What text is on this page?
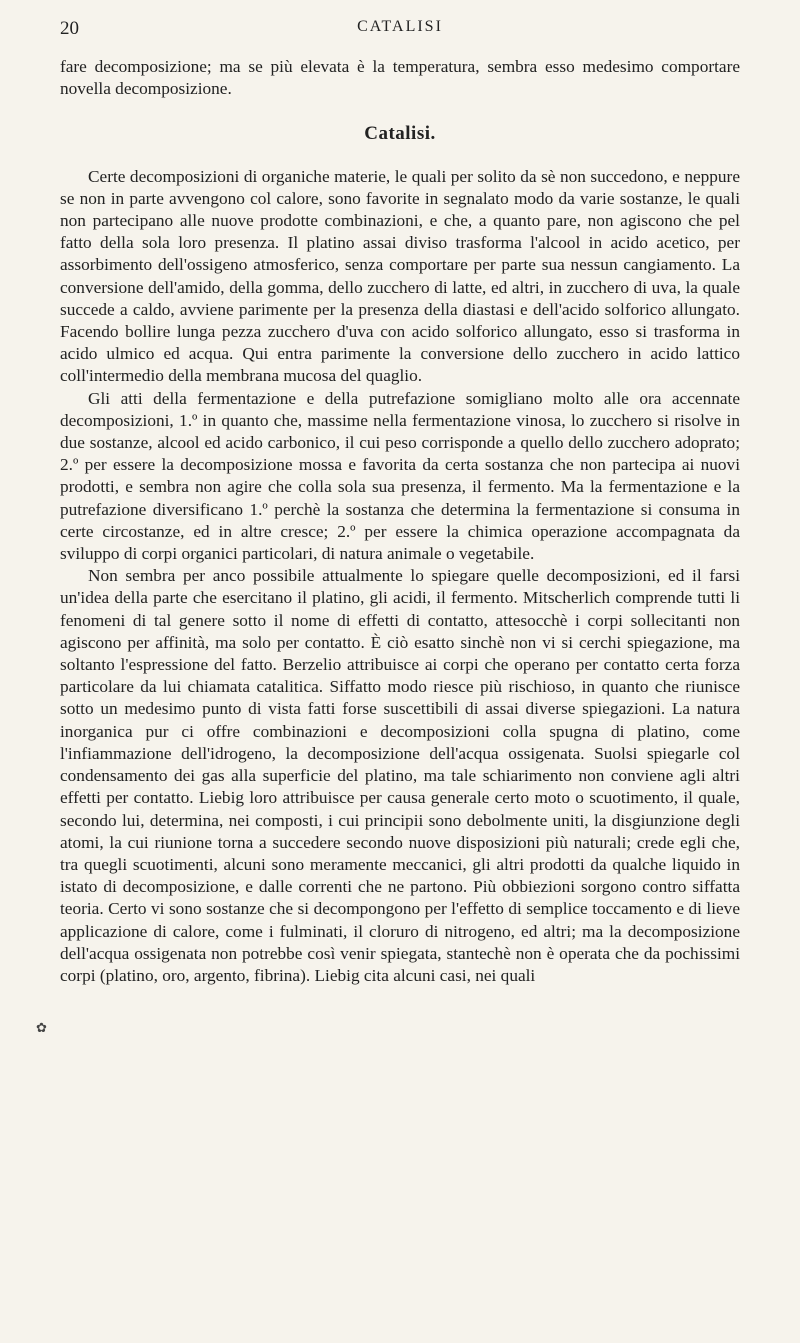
20	CATALISI

fare decomposizione; ma se più elevata è la temperatura, sembra esso medesimo comportare novella decomposizione.

Catalisi.

Certe decomposizioni di organiche materie, le quali per solito da sè non succedono, e neppure se non in parte avvengono col calore, sono favorite in segnalato modo da varie sostanze, le quali non partecipano alle nuove prodotte combinazioni, e che, a quanto pare, non agiscono che pel fatto della sola loro presenza. Il platino assai diviso trasforma l'alcool in acido acetico, per assorbimento dell'ossigeno atmosferico, senza comportare per parte sua nessun cangiamento. La conversione dell'amido, della gomma, dello zucchero di latte, ed altri, in zucchero di uva, la quale succede a caldo, avviene parimente per la presenza della diastasi e dell'acido solforico allungato. Facendo bollire lunga pezza zucchero d'uva con acido solforico allungato, esso si trasforma in acido ulmico ed acqua. Qui entra parimente la conversione dello zucchero in acido lattico coll'intermedio della membrana mucosa del quaglio.

Gli atti della fermentazione e della putrefazione somigliano molto alle ora accennate decomposizioni, 1.º in quanto che, massime nella fermentazione vinosa, lo zucchero si risolve in due sostanze, alcool ed acido carbonico, il cui peso corrisponde a quello dello zucchero adoprato; 2.º per essere la decomposizione mossa e favorita da certa sostanza che non partecipa ai nuovi prodotti, e sembra non agire che colla sola sua presenza, il fermento. Ma la fermentazione e la putrefazione diversificano 1.º perchè la sostanza che determina la fermentazione si consuma in certe circostanze, ed in altre cresce; 2.º per essere la chimica operazione accompagnata da sviluppo di corpi organici particolari, di natura animale o vegetabile.

Non sembra per anco possibile attualmente lo spiegare quelle decomposizioni, ed il farsi un'idea della parte che esercitano il platino, gli acidi, il fermento. Mitscherlich comprende tutti li fenomeni di tal genere sotto il nome di effetti di contatto, attesocchè i corpi sollecitanti non agiscono per affinità, ma solo per contatto. È ciò esatto sinchè non vi si cerchi spiegazione, ma soltanto l'espressione del fatto. Berzelio attribuisce ai corpi che operano per contatto certa forza particolare da lui chiamata catalitica. Siffatto modo riesce più rischioso, in quanto che riunisce sotto un medesimo punto di vista fatti forse suscettibili di assai diverse spiegazioni. La natura inorganica pur ci offre combinazioni e decomposizioni colla spugna di platino, come l'infiammazione dell'idrogeno, la decomposizione dell'acqua ossigenata. Suolsi spiegarle col condensamento dei gas alla superficie del platino, ma tale schiarimento non conviene agli altri effetti per contatto. Liebig loro attribuisce per causa generale certo moto o scuotimento, il quale, secondo lui, determina, nei composti, i cui principii sono debolmente uniti, la disgiunzione degli atomi, la cui riunione torna a succedere secondo nuove disposizioni più naturali; crede egli che, tra quegli scuotimenti, alcuni sono meramente meccanici, gli altri prodotti da qualche liquido in istato di decomposizione, e dalle correnti che ne partono. Più obbiezioni sorgono contro siffatta teoria. Certo vi sono sostanze che si decompongono per l'effetto di semplice toccamento e di lieve applicazione di calore, come i fulminati, il cloruro di nitrogeno, ed altri; ma la decomposizione dell'acqua ossigenata non potrebbe così venir spiegata, stantechè non è operata che da pochissimi corpi (platino, oro, argento, fibrina). Liebig cita alcuni casi, nei quali

✿
